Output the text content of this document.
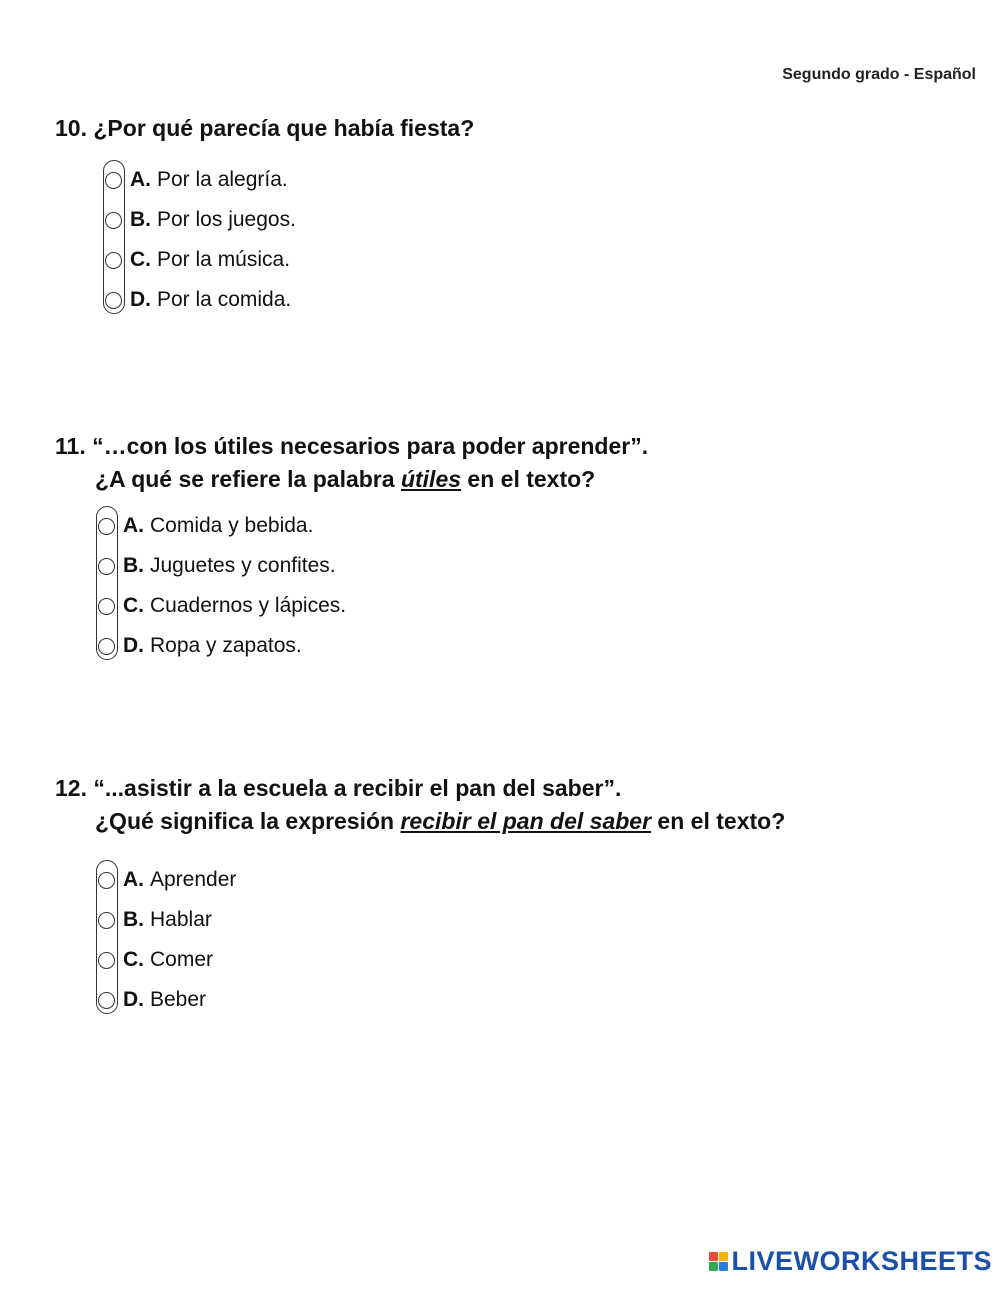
Segundo grado - Español
10. ¿Por qué parecía que había fiesta?
A. Por la alegría.
B. Por los juegos.
C. Por la música.
D. Por la comida.
11. “…con los útiles necesarios para poder aprender”.
¿A qué se refiere la palabra útiles en el texto?
A. Comida y bebida.
B. Juguetes y confites.
C. Cuadernos y lápices.
D. Ropa y zapatos.
12. “...asistir a la escuela a recibir el pan del saber”.
¿Qué significa la expresión recibir el pan del saber en el texto?
A. Aprender
B. Hablar
C. Comer
D. Beber
LIVEWORKSHEETS
